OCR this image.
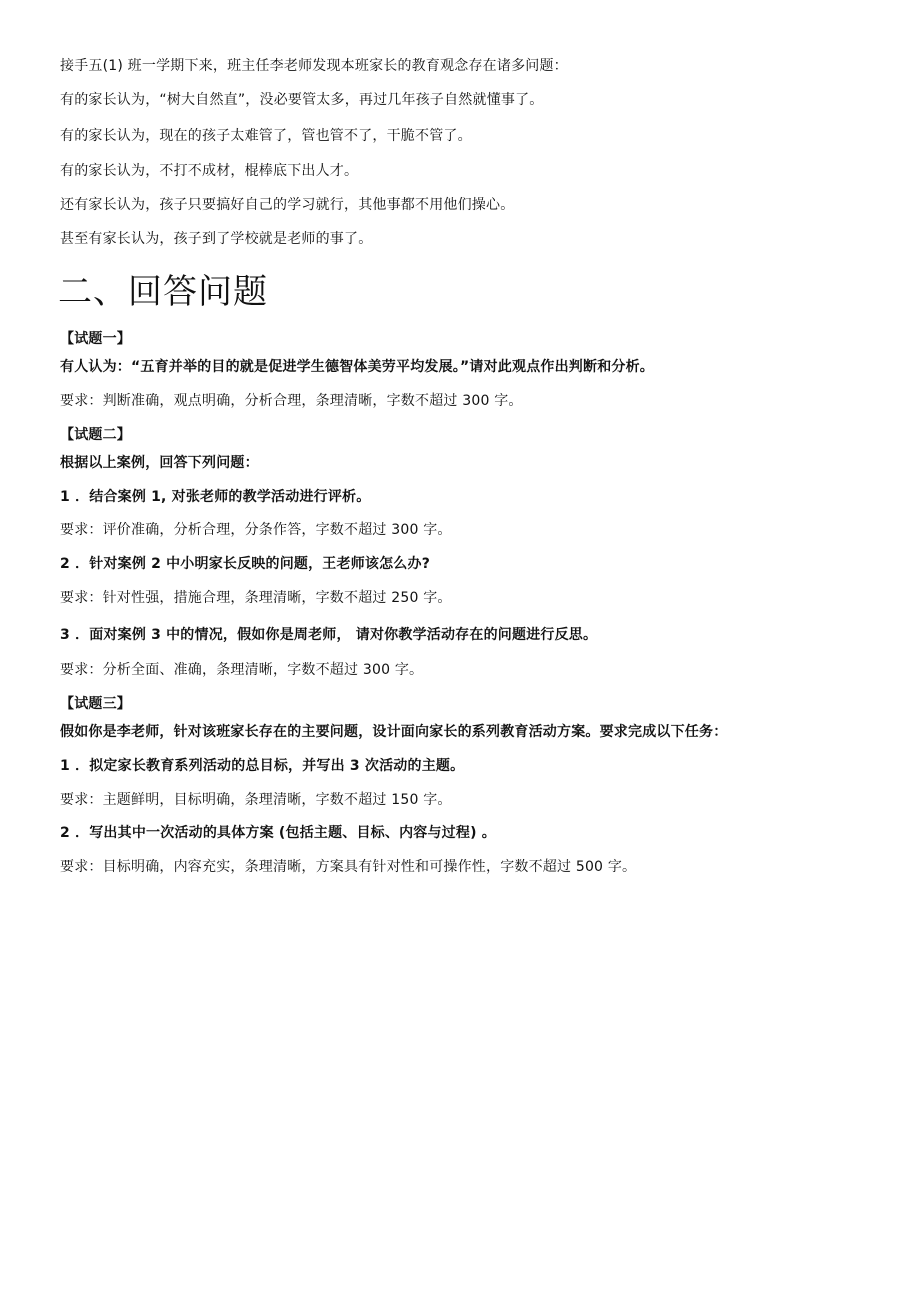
接手五(1) 班一学期下来，班主任李老师发现本班家长的教育观念存在诸多问题：
有的家长认为，“树大自然直”，没必要管太多，再过几年孩子自然就懂事了。
有的家长认为，现在的孩子太难管了，管也管不了，干脆不管了。
有的家长认为，不打不成材，棍棒底下出人才。
还有家长认为，孩子只要搞好自己的学习就行，其他事都不用他们操心。
甚至有家长认为，孩子到了学校就是老师的事了。
二、回答问题
【试题一】
有人认为：“五育并举的目的就是促进学生德智体美劳平均发展。”请对此观点作出判断和分析。
要求：判断准确，观点明确，分析合理，条理清晰，字数不超过 300 字。
【试题二】
根据以上案例，回答下列问题：
1 ．结合案例 1, 对张老师的教学活动进行评析。
要求：评价准确，分析合理，分条作答，字数不超过 300 字。
2 ．针对案例 2 中小明家长反映的问题，王老师该怎么办?
要求：针对性强，措施合理，条理清晰，字数不超过 250 字。
3 ．面对案例 3 中的情况，假如你是周老师， 请对你教学活动存在的问题进行反思。
要求：分析全面、准确，条理清晰，字数不超过 300 字。
【试题三】
假如你是李老师，针对该班家长存在的主要问题，设计面向家长的系列教育活动方案。要求完成以下任务：
1 ．拟定家长教育系列活动的总目标，并写出 3 次活动的主题。
要求：主题鲜明，目标明确，条理清晰，字数不超过 150 字。
2 ．写出其中一次活动的具体方案 (包括主题、目标、内容与过程) 。
要求：目标明确，内容充实，条理清晰，方案具有针对性和可操作性，字数不超过 500 字。
